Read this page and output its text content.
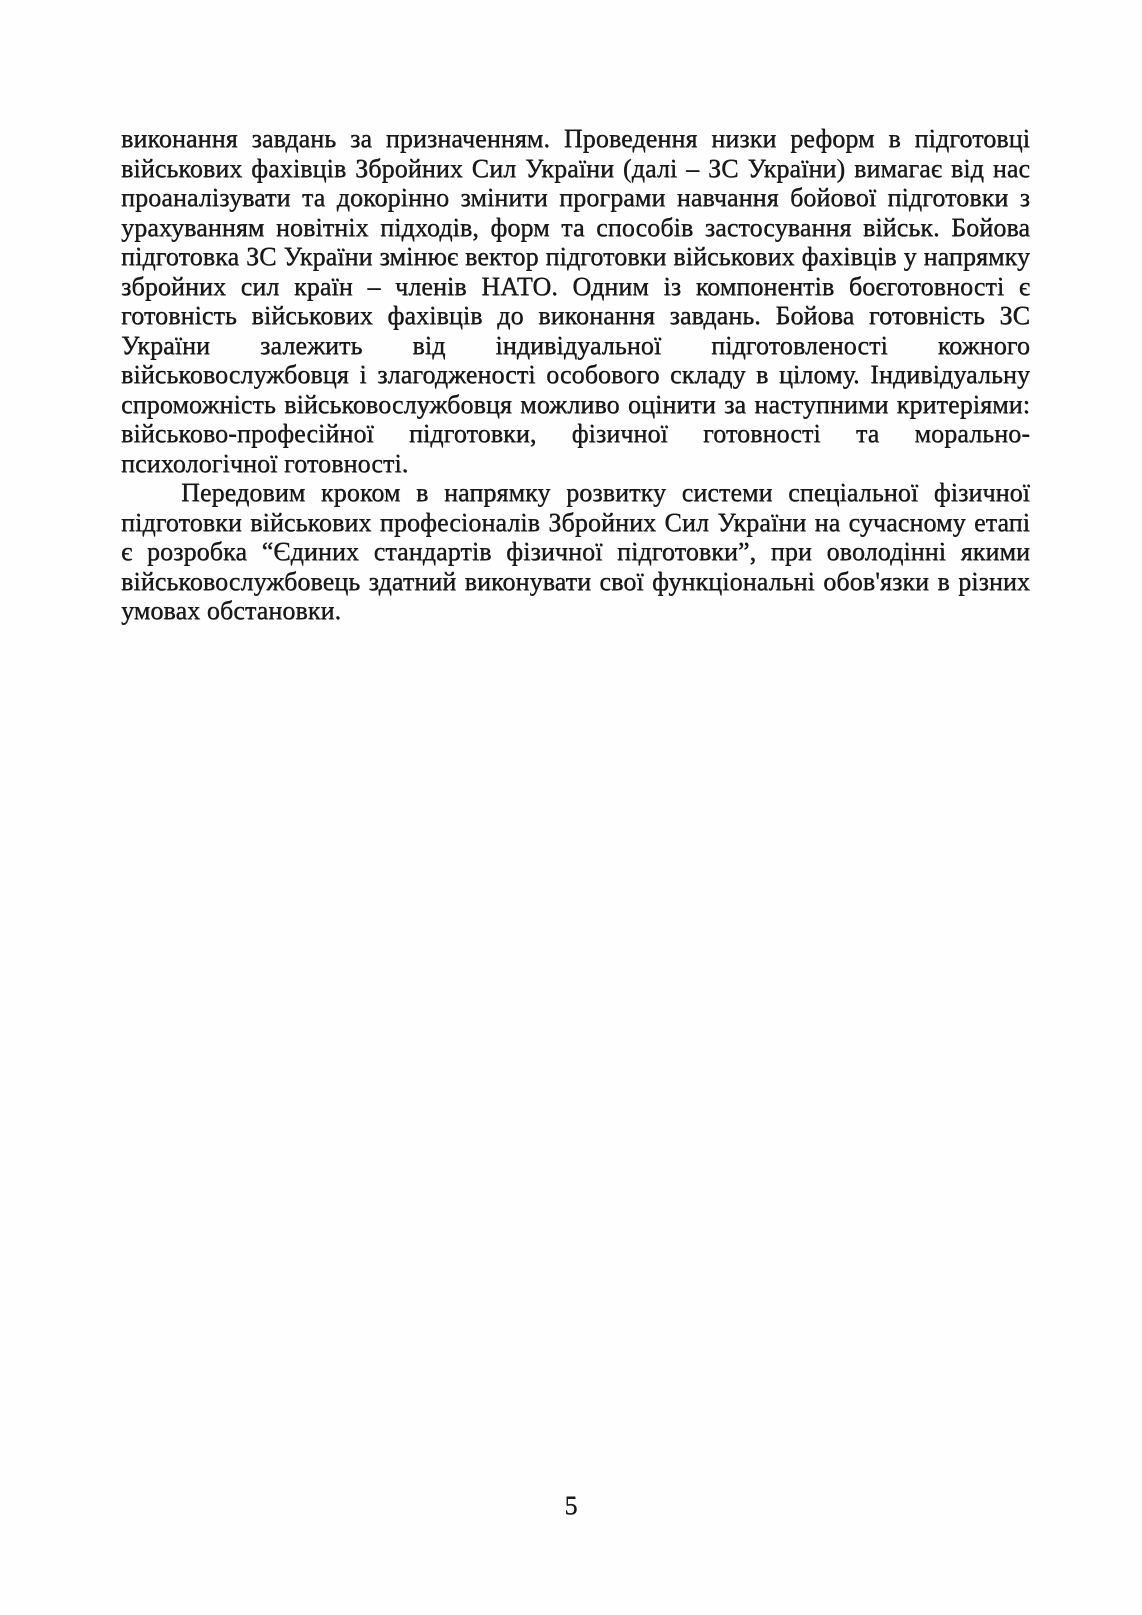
виконання завдань за призначенням. Проведення низки реформ в підготовці військових фахівців Збройних Сил України (далі – ЗС України) вимагає від нас проаналізувати та докорінно змінити програми навчання бойової підготовки з урахуванням новітніх підходів, форм та способів застосування військ. Бойова підготовка ЗС України змінює вектор підготовки військових фахівців у напрямку збройних сил країн – членів НАТО. Одним із компонентів боєготовності є готовність військових фахівців до виконання завдань. Бойова готовність ЗС України залежить від індивідуальної підготовленості кожного військовослужбовця і злагодженості особового складу в цілому. Індивідуальну спроможність військовослужбовця можливо оцінити за наступними критеріями: військово-професійної підготовки, фізичної готовності та морально-психологічної готовності.

Передовим кроком в напрямку розвитку системи спеціальної фізичної підготовки військових професіоналів Збройних Сил України на сучасному етапі є розробка “Єдиних стандартів фізичної підготовки”, при оволодінні якими військовослужбовець здатний виконувати свої функціональні обов'язки в різних умовах обстановки.

5
